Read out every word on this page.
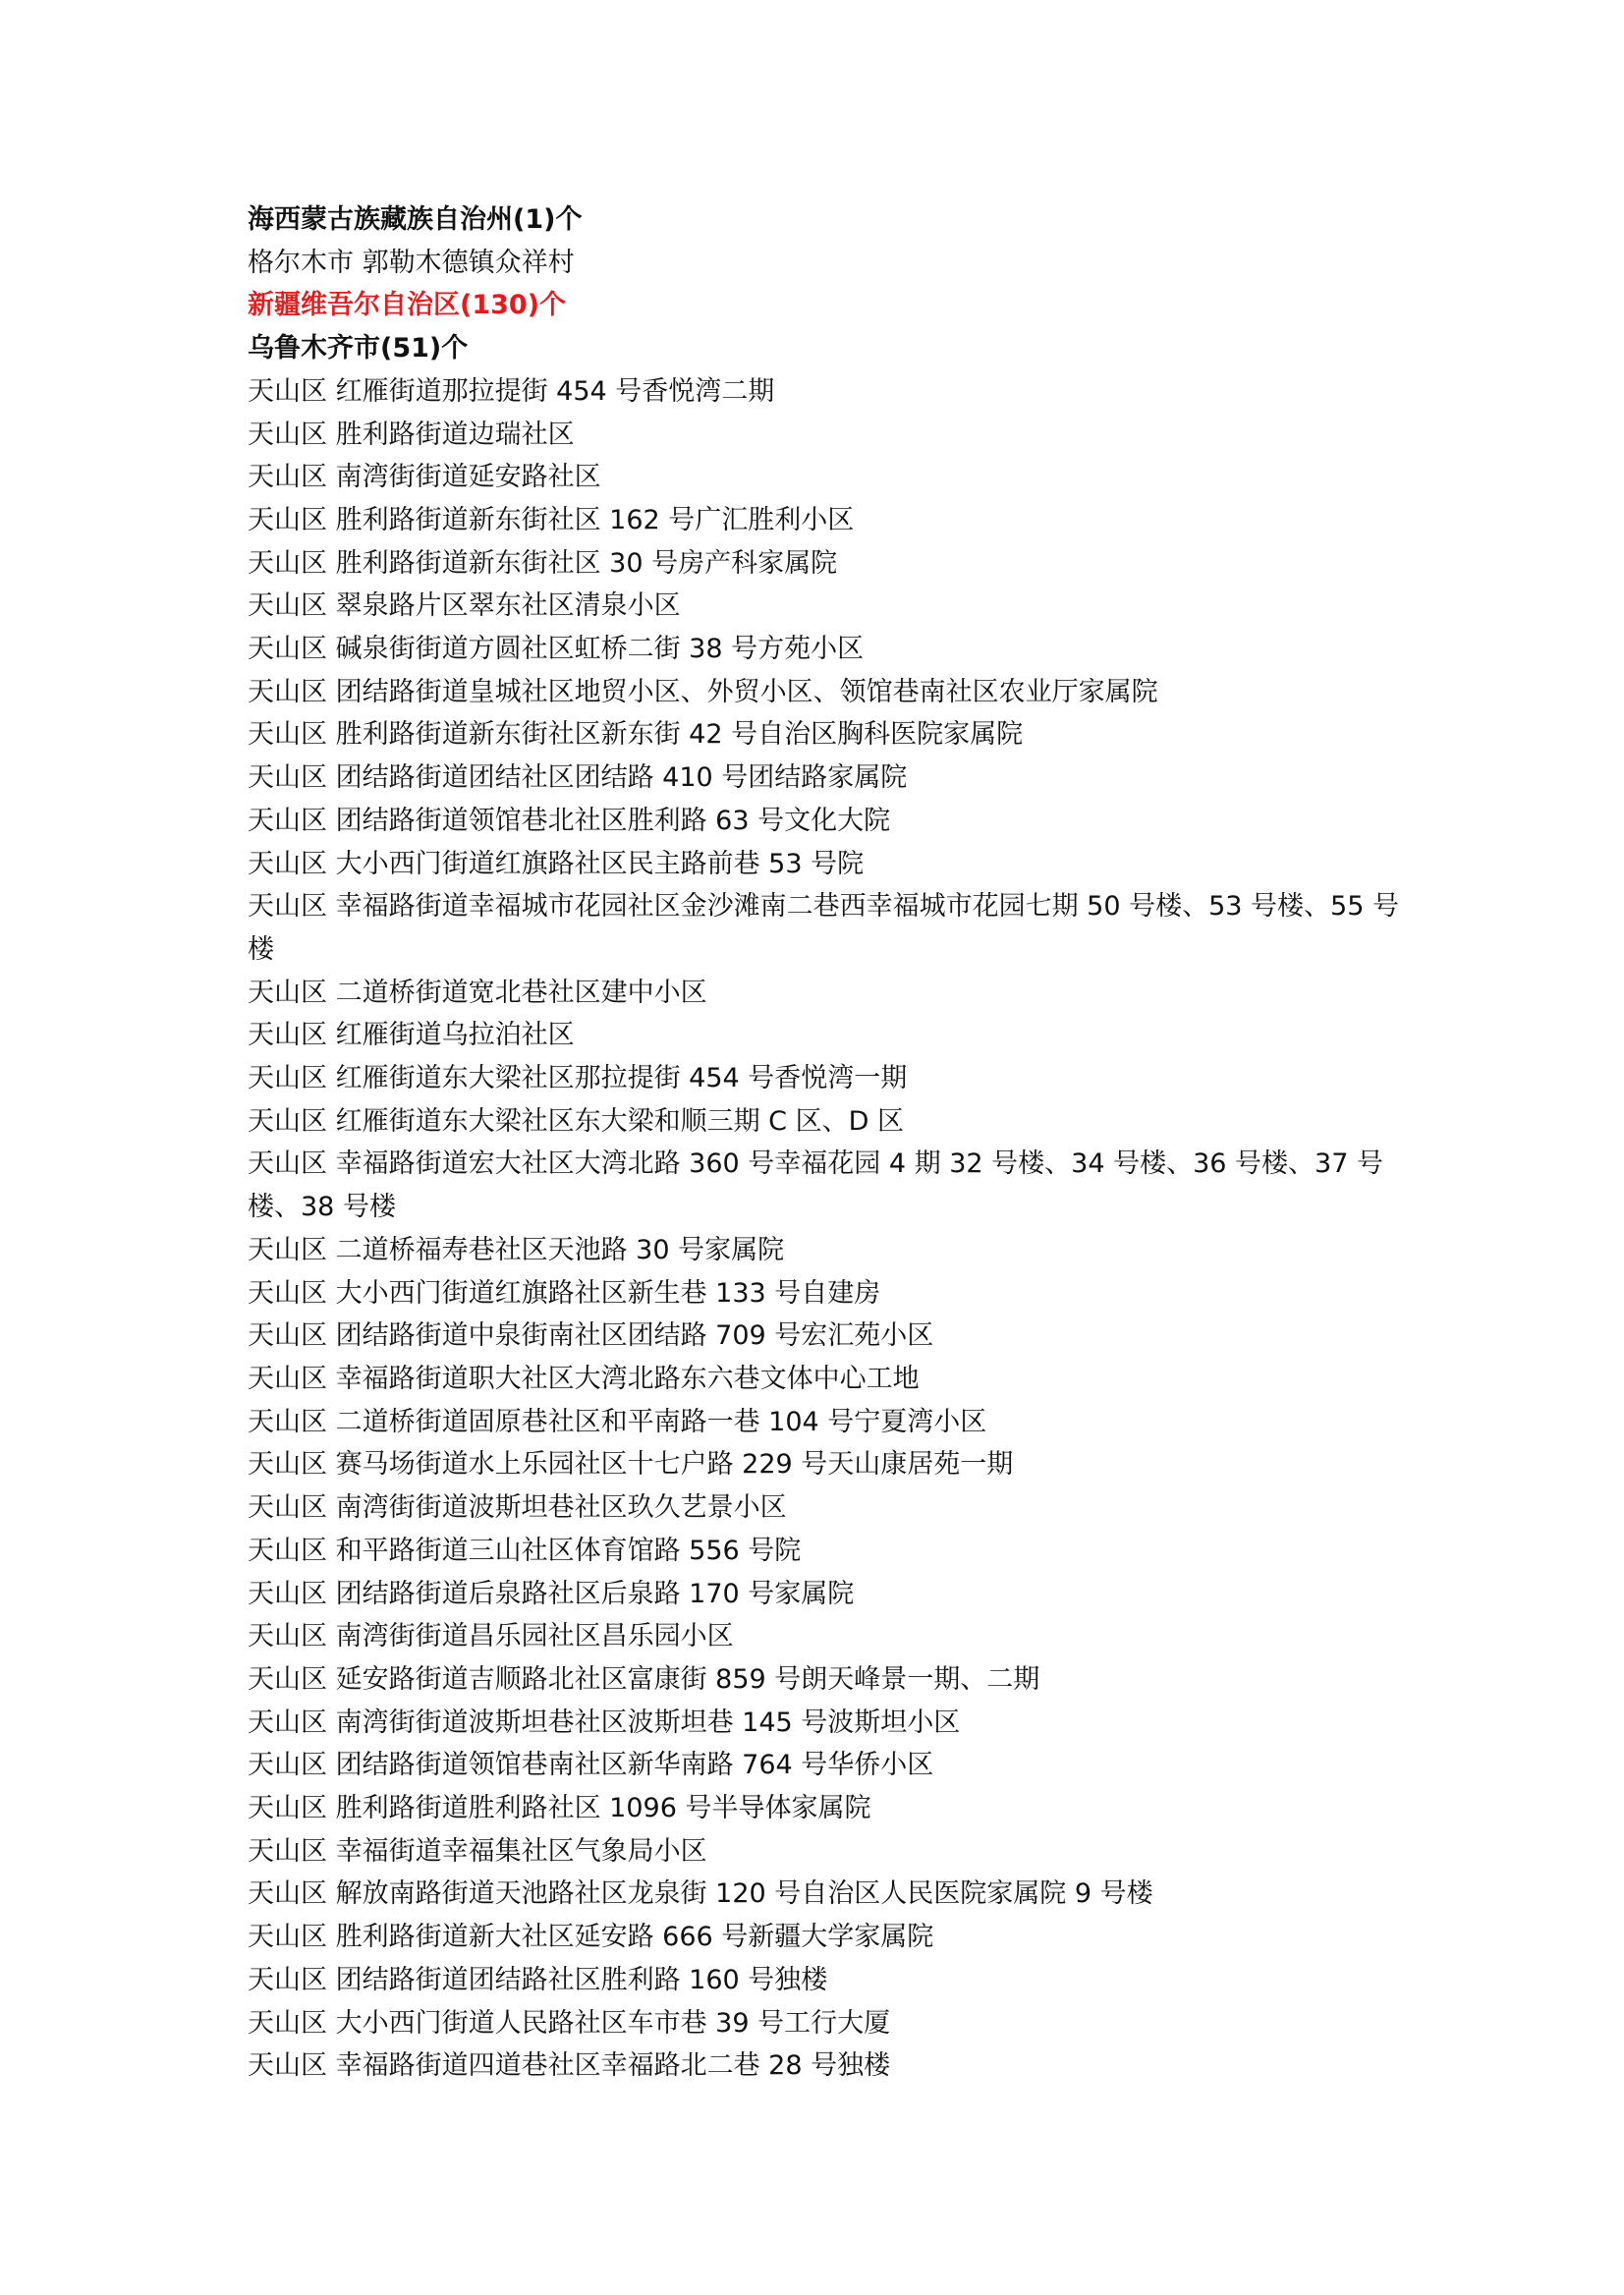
海西蒙古族藏族自治州(1)个
格尔木市 郭勒木德镇众祥村
新疆维吾尔自治区(130)个
乌鲁木齐市(51)个
天山区 红雁街道那拉提街 454 号香悦湾二期
天山区 胜利路街道边瑞社区
天山区 南湾街街道延安路社区
天山区 胜利路街道新东街社区 162 号广汇胜利小区
天山区 胜利路街道新东街社区 30 号房产科家属院
天山区 翠泉路片区翠东社区清泉小区
天山区 碱泉街街道方圆社区虹桥二街 38 号方苑小区
天山区 团结路街道皇城社区地贸小区、外贸小区、领馆巷南社区农业厅家属院
天山区 胜利路街道新东街社区新东街 42 号自治区胸科医院家属院
天山区 团结路街道团结社区团结路 410 号团结路家属院
天山区 团结路街道领馆巷北社区胜利路 63 号文化大院
天山区 大小西门街道红旗路社区民主路前巷 53 号院
天山区 幸福路街道幸福城市花园社区金沙滩南二巷西幸福城市花园七期 50 号楼、53 号楼、55 号楼
天山区 二道桥街道宽北巷社区建中小区
天山区 红雁街道乌拉泊社区
天山区 红雁街道东大梁社区那拉提街 454 号香悦湾一期
天山区 红雁街道东大梁社区东大梁和顺三期 C 区、D 区
天山区 幸福路街道宏大社区大湾北路 360 号幸福花园 4 期 32 号楼、34 号楼、36 号楼、37 号楼、38 号楼
天山区 二道桥福寿巷社区天池路 30 号家属院
天山区 大小西门街道红旗路社区新生巷 133 号自建房
天山区 团结路街道中泉街南社区团结路 709 号宏汇苑小区
天山区 幸福路街道职大社区大湾北路东六巷文体中心工地
天山区 二道桥街道固原巷社区和平南路一巷 104 号宁夏湾小区
天山区 赛马场街道水上乐园社区十七户路 229 号天山康居苑一期
天山区 南湾街街道波斯坦巷社区玖久艺景小区
天山区 和平路街道三山社区体育馆路 556 号院
天山区 团结路街道后泉路社区后泉路 170 号家属院
天山区 南湾街街道昌乐园社区昌乐园小区
天山区 延安路街道吉顺路北社区富康街 859 号朗天峰景一期、二期
天山区 南湾街街道波斯坦巷社区波斯坦巷 145 号波斯坦小区
天山区 团结路街道领馆巷南社区新华南路 764 号华侨小区
天山区 胜利路街道胜利路社区 1096 号半导体家属院
天山区 幸福街道幸福集社区气象局小区
天山区 解放南路街道天池路社区龙泉街 120 号自治区人民医院家属院 9 号楼
天山区 胜利路街道新大社区延安路 666 号新疆大学家属院
天山区 团结路街道团结路社区胜利路 160 号独楼
天山区 大小西门街道人民路社区车市巷 39 号工行大厦
天山区 幸福路街道四道巷社区幸福路北二巷 28 号独楼
